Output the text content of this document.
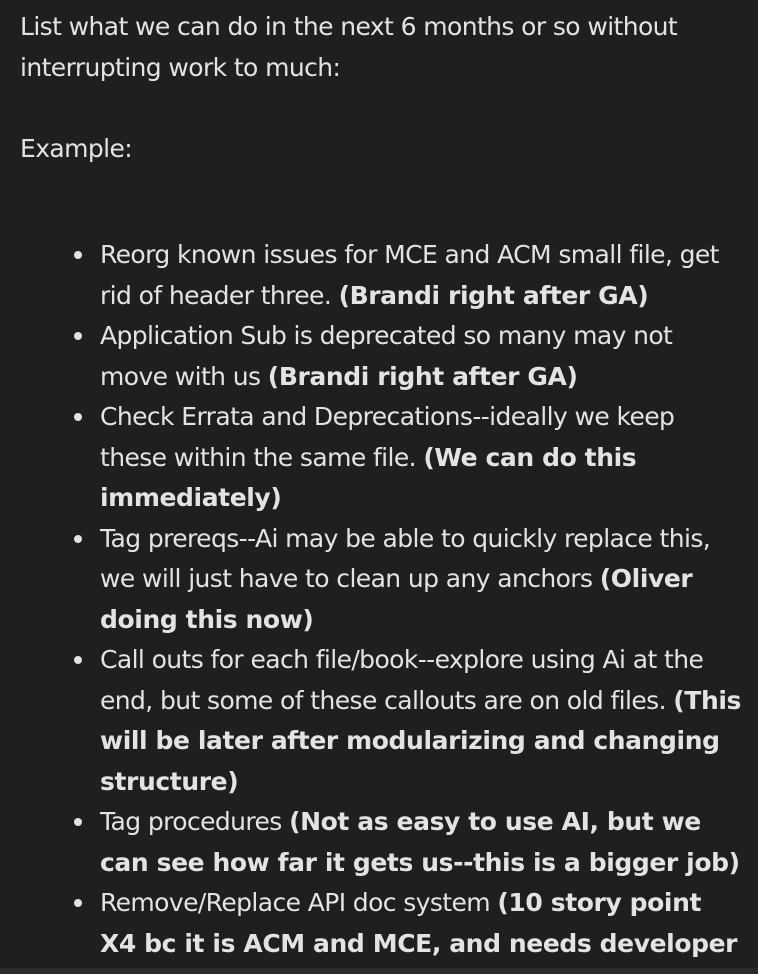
List what we can do in the next 6 months or so without interrupting work to much:

Example:

Reorg known issues for MCE and ACM small file, get rid of header three. (Brandi right after GA)
Application Sub is deprecated so many may not move with us (Brandi right after GA)
Check Errata and Deprecations--ideally we keep these within the same file. (We can do this immediately)
Tag prereqs--Ai may be able to quickly replace this, we will just have to clean up any anchors (Oliver doing this now)
Call outs for each file/book--explore using Ai at the end, but some of these callouts are on old files. (This will be later after modularizing and changing structure)
Tag procedures (Not as easy to use AI, but we can see how far it gets us--this is a bigger job)
Remove/Replace API doc system (10 story point X4 bc it is ACM and MCE, and needs developer
